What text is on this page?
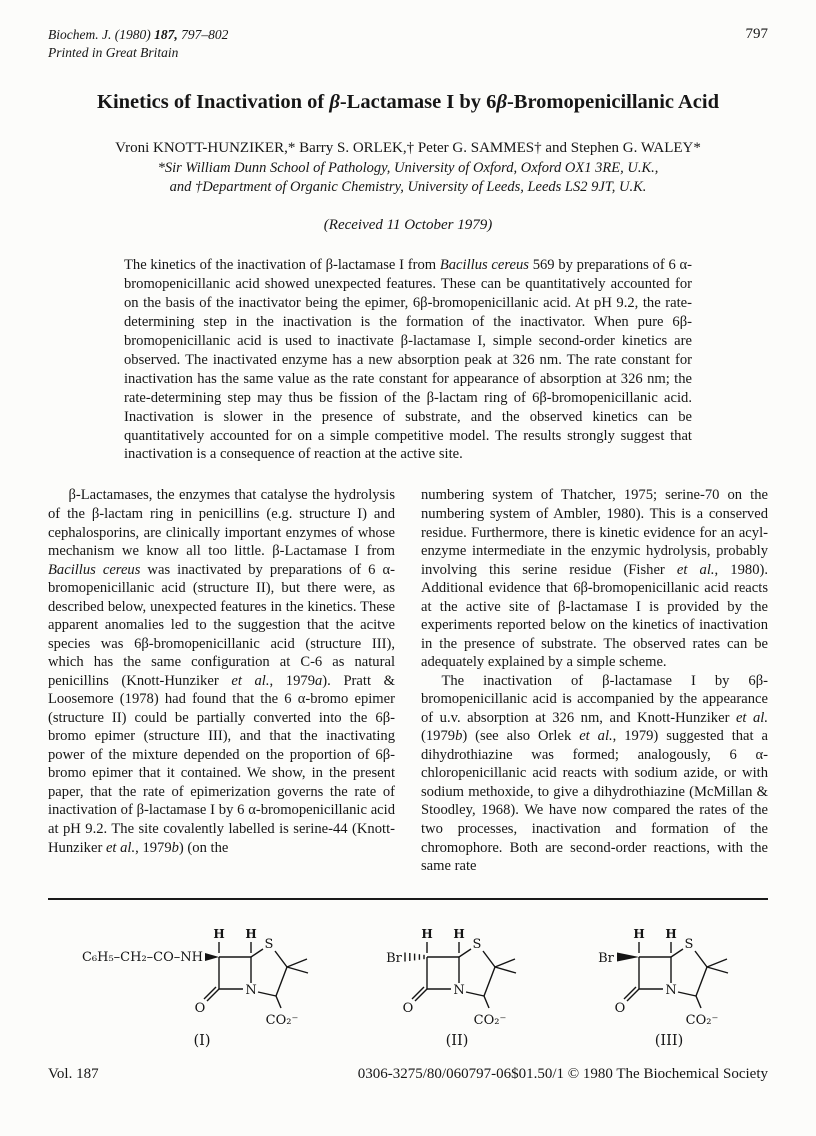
Biochem. J. (1980) 187, 797–802
Printed in Great Britain
797
Kinetics of Inactivation of β-Lactamase I by 6β-Bromopenicillanic Acid
Vroni KNOTT-HUNZIKER,* Barry S. ORLEK,† Peter G. SAMMES† and Stephen G. WALEY*
*Sir William Dunn School of Pathology, University of Oxford, Oxford OX1 3RE, U.K.,
and †Department of Organic Chemistry, University of Leeds, Leeds LS2 9JT, U.K.
(Received 11 October 1979)
The kinetics of the inactivation of β-lactamase I from Bacillus cereus 569 by preparations of 6 α-bromopenicillanic acid showed unexpected features. These can be quantitatively accounted for on the basis of the inactivator being the epimer, 6β-bromopenicillanic acid. At pH 9.2, the rate-determining step in the inactivation is the formation of the inactivator. When pure 6β-bromopenicillanic acid is used to inactivate β-lactamase I, simple second-order kinetics are observed. The inactivated enzyme has a new absorption peak at 326 nm. The rate constant for inactivation has the same value as the rate constant for appearance of absorption at 326 nm; the rate-determining step may thus be fission of the β-lactam ring of 6β-bromopenicillanic acid. Inactivation is slower in the presence of substrate, and the observed kinetics can be quantitatively accounted for on a simple competitive model. The results strongly suggest that inactivation is a consequence of reaction at the active site.

β-Lactamases, the enzymes that catalyse the hydrolysis of the β-lactam ring in penicillins (e.g. structure I) and cephalosporins, are clinically important enzymes of whose mechanism we know all too little. β-Lactamase I from Bacillus cereus was inactivated by preparations of 6 α-bromopenicillanic acid (structure II), but there were, as described below, unexpected features in the kinetics. These apparent anomalies led to the suggestion that the acitve species was 6β-bromopenicillanic acid (structure III), which has the same configuration at C-6 as natural penicillins (Knott-Hunziker et al., 1979a). Pratt & Loosemore (1978) had found that the 6 α-bromo epimer (structure II) could be partially converted into the 6β-bromo epimer (structure III), and that the inactivating power of the mixture depended on the proportion of 6β-bromo epimer that it contained. We show, in the present paper, that the rate of epimerization governs the rate of inactivation of β-lactamase I by 6 α-bromopenicillanic acid at pH 9.2. The site covalently labelled is serine-44 (Knott-Hunziker et al., 1979b) (on the

numbering system of Thatcher, 1975; serine-70 on the numbering system of Ambler, 1980). This is a conserved residue. Furthermore, there is kinetic evidence for an acyl-enzyme intermediate in the enzymic hydrolysis, probably involving this serine residue (Fisher et al., 1980). Additional evidence that 6β-bromopenicillanic acid reacts at the active site of β-lactamase I is provided by the experiments reported below on the kinetics of inactivation in the presence of substrate. The observed rates can be adequately explained by a simple scheme.

The inactivation of β-lactamase I by 6β-bromopenicillanic acid is accompanied by the appearance of u.v. absorption at 326 nm, and Knott-Hunziker et al. (1979b) (see also Orlek et al., 1979) suggested that a dihydrothiazine was formed; analogously, 6 α-chloropenicillanic acid reacts with sodium azide, or with sodium methoxide, to give a dihydrothiazine (McMillan & Stoodley, 1968). We have now compared the rates of the two processes, inactivation and formation of the chromophore. Both are second-order reactions, with the same rate

C₆H₅–CH₂–CO–NH
H H
S
N
O
CO₂⁻
(I)
Br
H H
S
N
O
CO₂⁻
(II)
Br
H H
S
N
O
CO₂⁻
(III)
Vol. 187	0306-3275/80/060797-06$01.50/1 © 1980 The Biochemical Society
